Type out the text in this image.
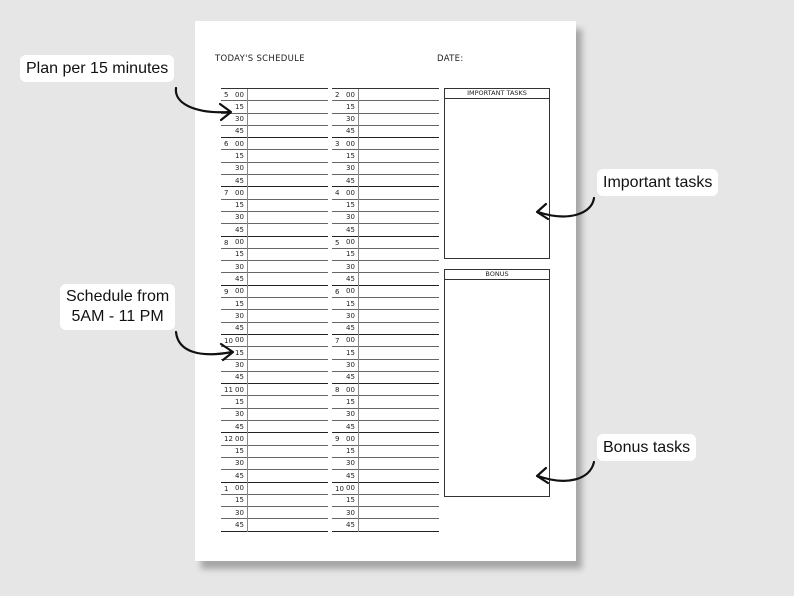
TODAY'S SCHEDULE	DATE:
5 00
15
30
45
6 00
15
30
45
7 00
15
30
45
8 00
15
30
45
9 00
15
30
45
10 00
15
30
45
11 00
15
30
45
12 00
15
30
45
1 00
15
30
45
2 00
15
30
45
3 00
15
30
45
4 00
15
30
45
5 00
15
30
45
6 00
15
30
45
7 00
15
30
45
8 00
15
30
45
9 00
15
30
45
10 00
15
30
45
IMPORTANT TASKS
BONUS
Plan per 15 minutes
Schedule from
5AM - 11 PM
Important tasks
Bonus tasks
